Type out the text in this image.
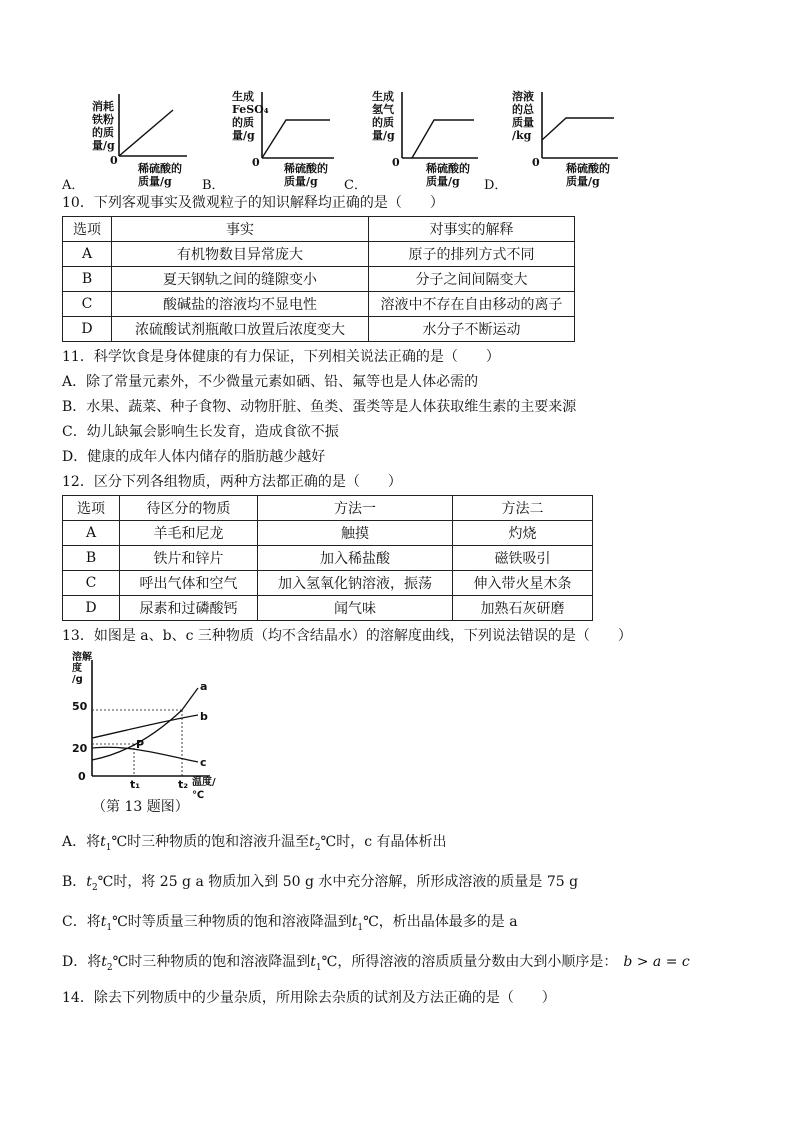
A．
消耗
铁粉
的质
量/g
0
稀硫酸的
质量/g	B．
生成
FeSO₄
的质
量/g
0 稀硫酸的
质量/g	C．
生成
氢气
的质
量/g
0 稀硫酸的
质量/g	D．
溶液
的总
质量
/kg
0 稀硫酸的
质量/g
10．下列客观事实及微观粒子的知识解释均正确的是（　　）
选项	事实	对事实的解释
A	有机物数目异常庞大	原子的排列方式不同
B	夏天钢轨之间的缝隙变小	分子之间间隔变大
C	酸碱盐的溶液均不显电性	溶液中不存在自由移动的离子
D	浓硫酸试剂瓶敞口放置后浓度变大	水分子不断运动
11．科学饮食是身体健康的有力保证，下列相关说法正确的是（　　）
A．除了常量元素外，不少微量元素如硒、铅、氟等也是人体必需的
B．水果、蔬菜、种子食物、动物肝脏、鱼类、蛋类等是人体获取维生素的主要来源
C．幼儿缺氟会影响生长发育，造成食欲不振
D．健康的成年人体内储存的脂肪越少越好
12．区分下列各组物质，两种方法都正确的是（　　）
选项	待区分的物质	方法一	方法二
A	羊毛和尼龙	触摸	灼烧
B	铁片和锌片	加入稀盐酸	磁铁吸引
C	呼出气体和空气	加入氢氧化钠溶液，振荡	伸入带火星木条
D	尿素和过磷酸钙	闻气味	加熟石灰研磨
13．如图是 a、b、c 三种物质（均不含结晶水）的溶解度曲线，下列说法错误的是（　　）
溶解
度
/g
50
20
0
a
b
c
P
t₁	t₂ 温度/℃
（第 13 题图）
A．将$t_1℃$时三种物质的饱和溶液升温至$t_2℃$时，c 有晶体析出
B．$t_2℃$时，将 25 g a 物质加入到 50 g 水中充分溶解，所形成溶液的质量是 75 g
C．将$t_1℃$时等质量三种物质的饱和溶液降温到$t_1℃$，析出晶体最多的是 a
D．将$t_2℃$时三种物质的饱和溶液降温到$t_1℃$，所得溶液的溶质质量分数由大到小顺序是： b > a = c
14．除去下列物质中的少量杂质，所用除去杂质的试剂及方法正确的是（　　）
